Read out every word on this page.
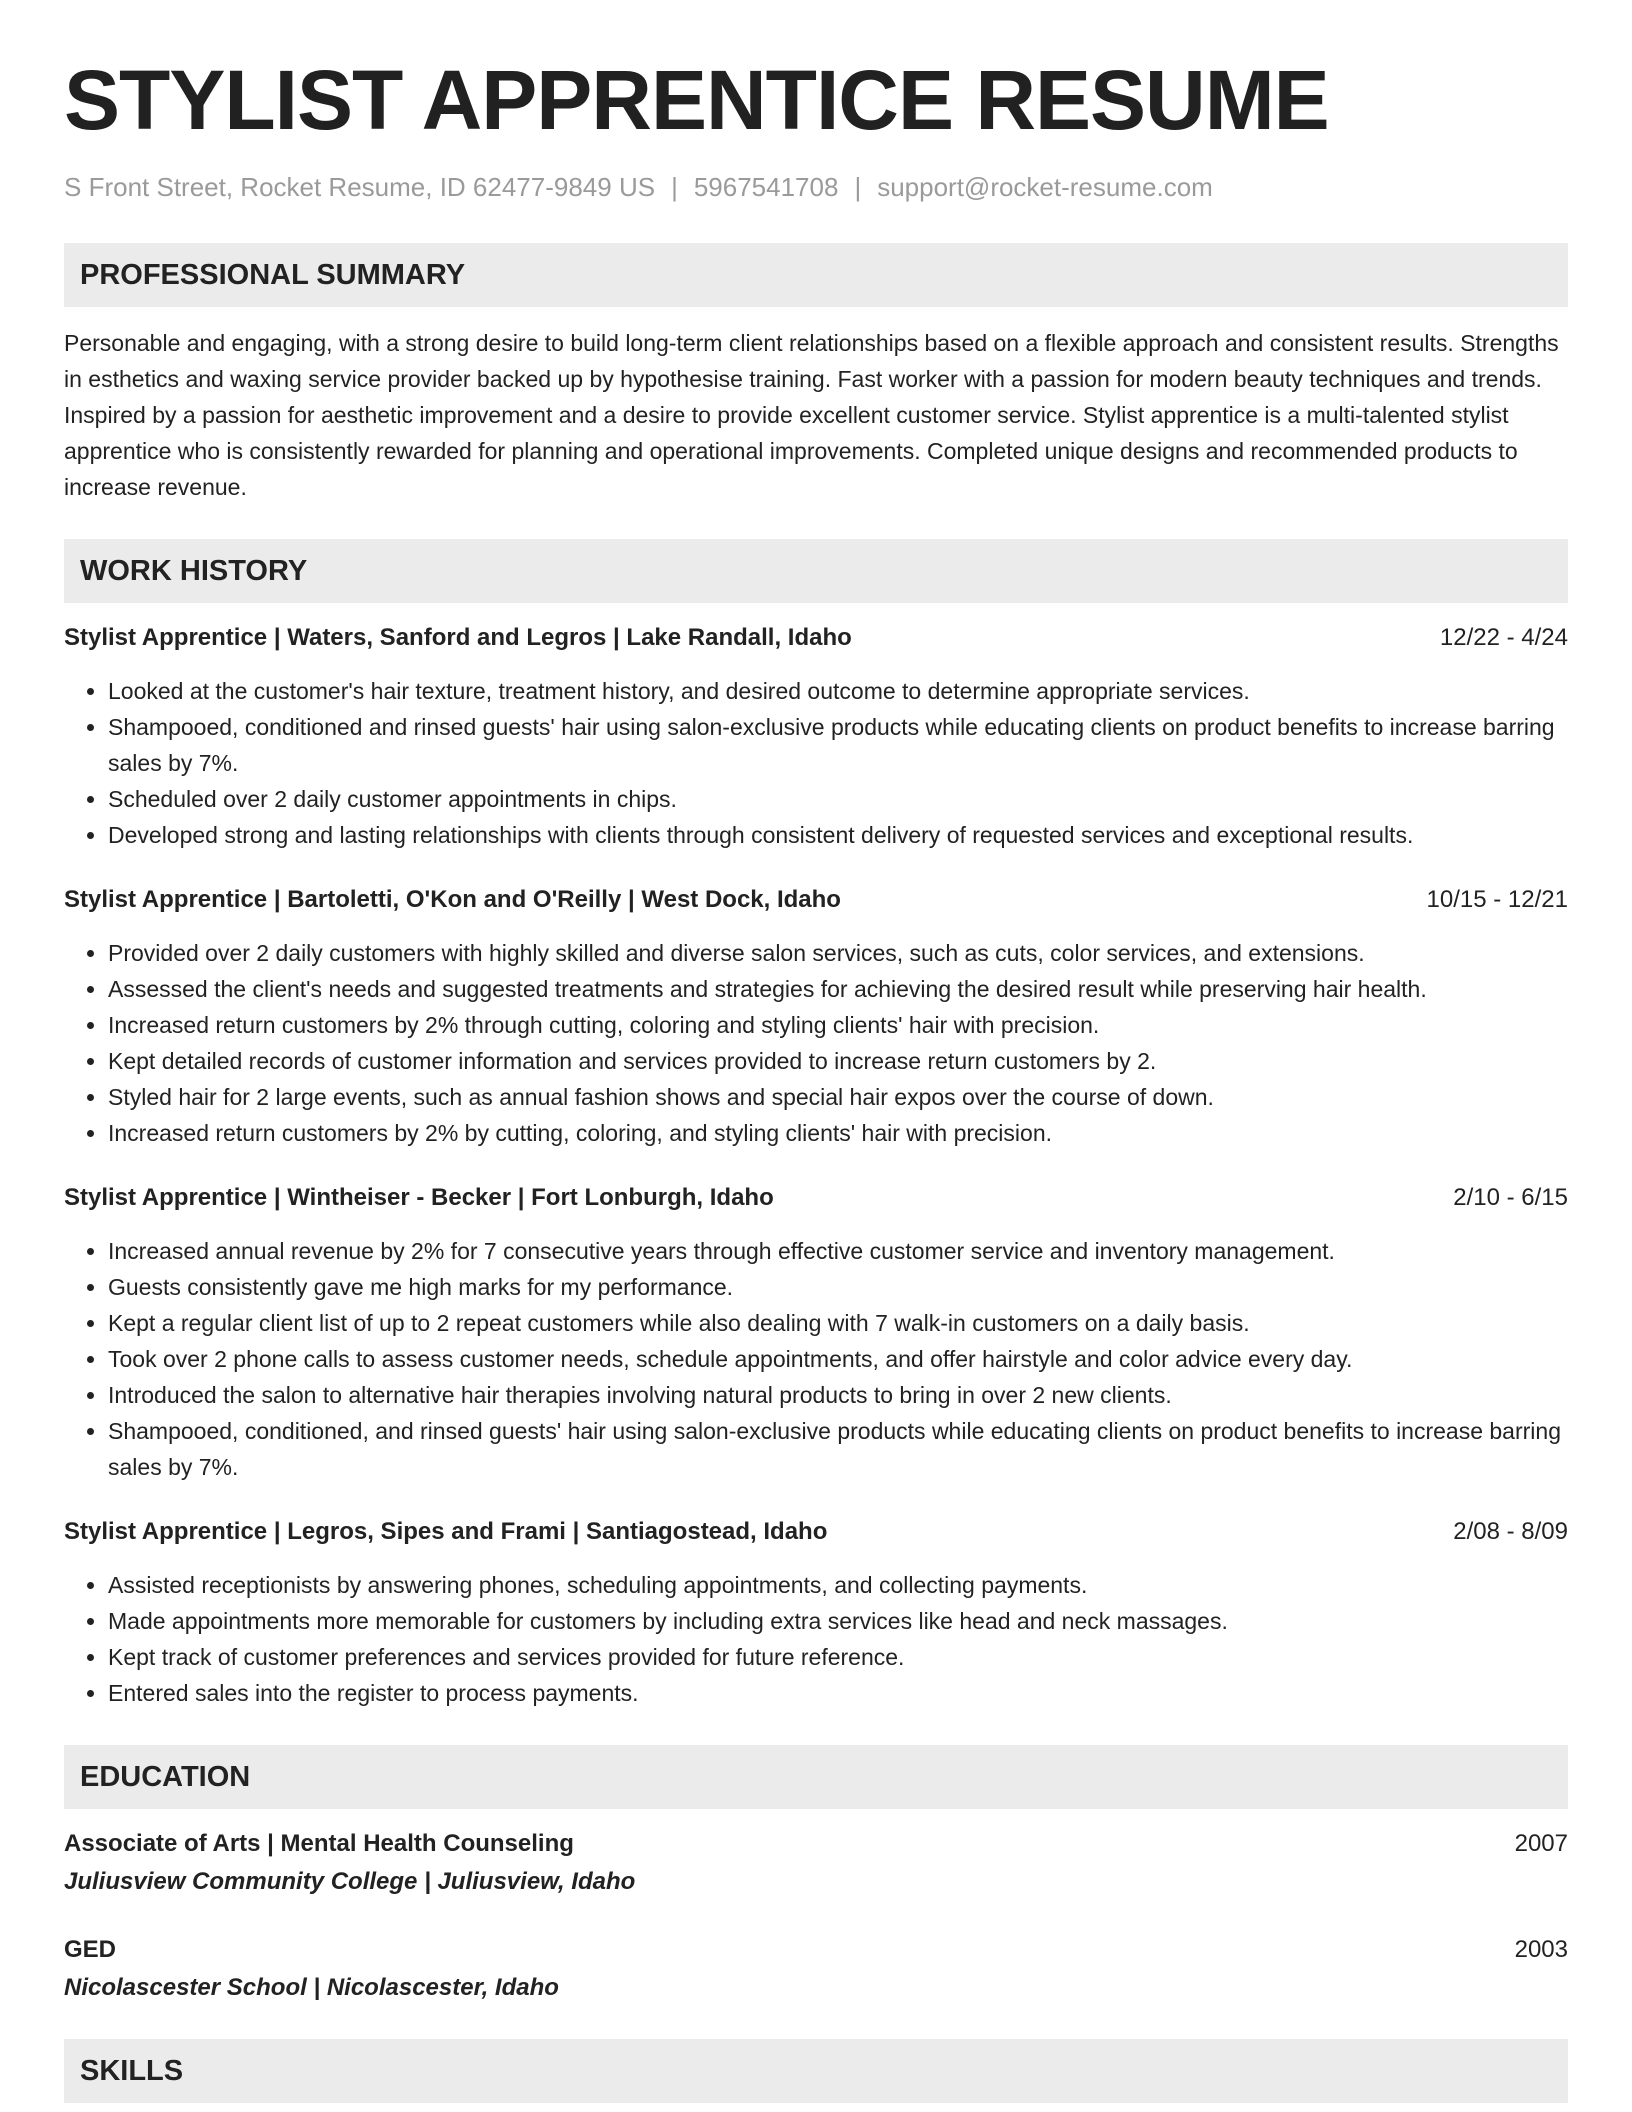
STYLIST APPRENTICE RESUME
S Front Street, Rocket Resume, ID 62477-9849 US | 5967541708 | support@rocket-resume.com
PROFESSIONAL SUMMARY

Personable and engaging, with a strong desire to build long-term client relationships based on a flexible approach and consistent results. Strengths in esthetics and waxing service provider backed up by hypothesise training. Fast worker with a passion for modern beauty techniques and trends. Inspired by a passion for aesthetic improvement and a desire to provide excellent customer service. Stylist apprentice is a multi-talented stylist apprentice who is consistently rewarded for planning and operational improvements. Completed unique designs and recommended products to increase revenue.

WORK HISTORY
Stylist Apprentice | Waters, Sanford and Legros | Lake Randall, Idaho	12/22 - 4/24
• Looked at the customer's hair texture, treatment history, and desired outcome to determine appropriate services.
• Shampooed, conditioned and rinsed guests' hair using salon-exclusive products while educating clients on product benefits to increase barring sales by 7%.
• Scheduled over 2 daily customer appointments in chips.
• Developed strong and lasting relationships with clients through consistent delivery of requested services and exceptional results.
Stylist Apprentice | Bartoletti, O'Kon and O'Reilly | West Dock, Idaho	10/15 - 12/21
• Provided over 2 daily customers with highly skilled and diverse salon services, such as cuts, color services, and extensions.
• Assessed the client's needs and suggested treatments and strategies for achieving the desired result while preserving hair health.
• Increased return customers by 2% through cutting, coloring and styling clients' hair with precision.
• Kept detailed records of customer information and services provided to increase return customers by 2.
• Styled hair for 2 large events, such as annual fashion shows and special hair expos over the course of down.
• Increased return customers by 2% by cutting, coloring, and styling clients' hair with precision.
Stylist Apprentice | Wintheiser - Becker | Fort Lonburgh, Idaho	2/10 - 6/15
• Increased annual revenue by 2% for 7 consecutive years through effective customer service and inventory management.
• Guests consistently gave me high marks for my performance.
• Kept a regular client list of up to 2 repeat customers while also dealing with 7 walk-in customers on a daily basis.
• Took over 2 phone calls to assess customer needs, schedule appointments, and offer hairstyle and color advice every day.
• Introduced the salon to alternative hair therapies involving natural products to bring in over 2 new clients.
• Shampooed, conditioned, and rinsed guests' hair using salon-exclusive products while educating clients on product benefits to increase barring sales by 7%.
Stylist Apprentice | Legros, Sipes and Frami | Santiagostead, Idaho	2/08 - 8/09
• Assisted receptionists by answering phones, scheduling appointments, and collecting payments.
• Made appointments more memorable for customers by including extra services like head and neck massages.
• Kept track of customer preferences and services provided for future reference.
• Entered sales into the register to process payments.
EDUCATION
Associate of Arts | Mental Health Counseling	2007
Juliusview Community College | Juliusview, Idaho
GED	2003
Nicolascester School | Nicolascester, Idaho
SKILLS
